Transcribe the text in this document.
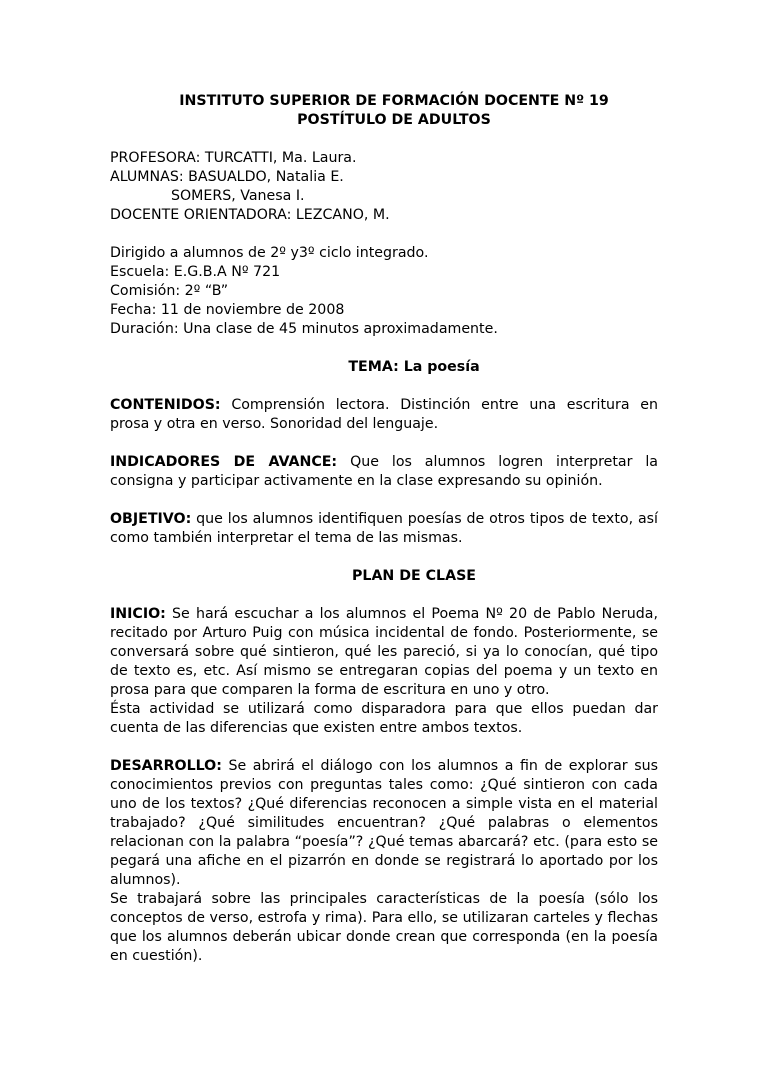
INSTITUTO SUPERIOR DE FORMACIÓN DOCENTE Nº 19
POSTÍTULO DE ADULTOS
PROFESORA: TURCATTI, Ma. Laura.
ALUMNAS: BASUALDO, Natalia E.
SOMERS, Vanesa I.
DOCENTE ORIENTADORA: LEZCANO, M.
Dirigido a alumnos de 2º y3º ciclo integrado.
Escuela: E.G.B.A Nº 721
Comisión: 2º “B”
Fecha: 11 de noviembre de 2008
Duración: Una clase de 45 minutos aproximadamente.
TEMA: La poesía
CONTENIDOS: Comprensión lectora. Distinción entre una escritura en prosa y otra en verso. Sonoridad del lenguaje.
INDICADORES DE AVANCE: Que los alumnos logren interpretar la consigna y participar activamente en la clase expresando su opinión.
OBJETIVO: que los alumnos identifiquen poesías de otros tipos de texto, así como también interpretar el tema de las mismas.
PLAN DE CLASE
INICIO: Se hará escuchar a los alumnos el Poema Nº 20 de Pablo Neruda, recitado por Arturo Puig con música incidental de fondo. Posteriormente, se conversará sobre qué sintieron, qué les pareció, si ya lo conocían, qué tipo de texto es, etc. Así mismo se entregaran copias del poema y un texto en prosa para que comparen la forma de escritura en uno y otro.
Ésta actividad se utilizará como disparadora para que ellos puedan dar cuenta de las diferencias que existen entre ambos textos.
DESARROLLO: Se abrirá el diálogo con los alumnos a fin de explorar sus conocimientos previos con preguntas tales como: ¿Qué sintieron con cada uno de los textos? ¿Qué diferencias reconocen a simple vista en el material trabajado? ¿Qué similitudes encuentran? ¿Qué palabras o elementos relacionan con la palabra “poesía”? ¿Qué temas abarcará? etc. (para esto se pegará una afiche en el pizarrón en donde se registrará lo aportado por los alumnos).
Se trabajará sobre las principales características de la poesía (sólo los conceptos de verso, estrofa y rima). Para ello, se utilizaran carteles y flechas que los alumnos deberán ubicar donde crean que corresponda (en la poesía en cuestión).
